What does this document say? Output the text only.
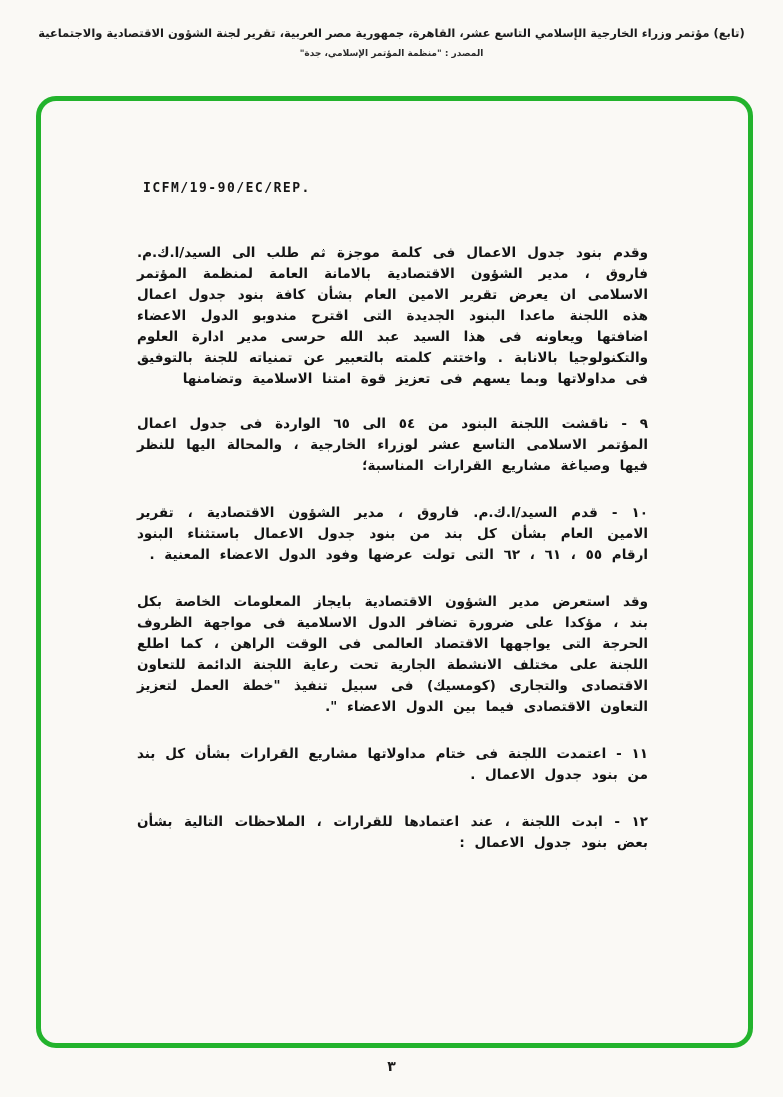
(تابع) مؤتمر وزراء الخارجية الإسلامي التاسع عشر، القاهرة، جمهورية مصر العربية، تقرير لجنة الشؤون الاقتصادية والاجتماعية
المصدر : "منظمة المؤتمر الإسلامي، جدة"
ICFM/19-90/EC/REP.
وقدم بنود جدول الاعمال فى كلمة موجزة ثم طلب الى السيد/ا.ك.م. فاروق ، مدير الشؤون الاقتصادية بالامانة العامة لمنظمة المؤتمر الاسلامى ان يعرض تقرير الامين العام بشأن كافة بنود جدول اعمال هذه اللجنة ماعدا البنود الجديدة التى اقترح مندوبو الدول الاعضاء اضافتها ويعاونه فى هذا السيد عبد الله حرسى مدير ادارة العلوم والتكنولوجيا بالانابة . واختتم كلمته بالتعبير عن تمنياته للجنة بالتوفيق فى مداولاتها وبما يسهم فى تعزيز قوة امتنا الاسلامية وتضامنها
٩ - ناقشت اللجنة البنود من ٥٤ الى ٦٥ الواردة فى جدول اعمال المؤتمر الاسلامى التاسع عشر لوزراء الخارجية ، والمحالة اليها للنظر فيها وصياغة مشاريع القرارات المناسبة؛
١٠ - قدم السيد/ا.ك.م. فاروق ، مدير الشؤون الاقتصادية ، تقرير الامين العام بشأن كل بند من بنود جدول الاعمال باستثناء البنود ارقام ٥٥ ، ٦١ ، ٦٢ التى تولت عرضها وفود الدول الاعضاء المعنية .
وقد استعرض مدير الشؤون الاقتصادية بايجاز المعلومات الخاصة بكل بند ، مؤكدا على ضرورة تضافر الدول الاسلامية فى مواجهة الظروف الحرجة التى يواجهها الاقتصاد العالمى فى الوقت الراهن ، كما اطلع اللجنة على مختلف الانشطة الجارية تحت رعاية اللجنة الدائمة للتعاون الاقتصادى والتجارى (كومسيك) فى سبيل تنفيذ "خطة العمل لتعزيز التعاون الاقتصادى فيما بين الدول الاعضاء ".
١١ - اعتمدت اللجنة فى ختام مداولاتها مشاريع القرارات بشأن كل بند من بنود جدول الاعمال .
١٢ - ابدت اللجنة ، عند اعتمادها للقرارات ، الملاحظات التالية بشأن بعض بنود جدول الاعمال :
٣
